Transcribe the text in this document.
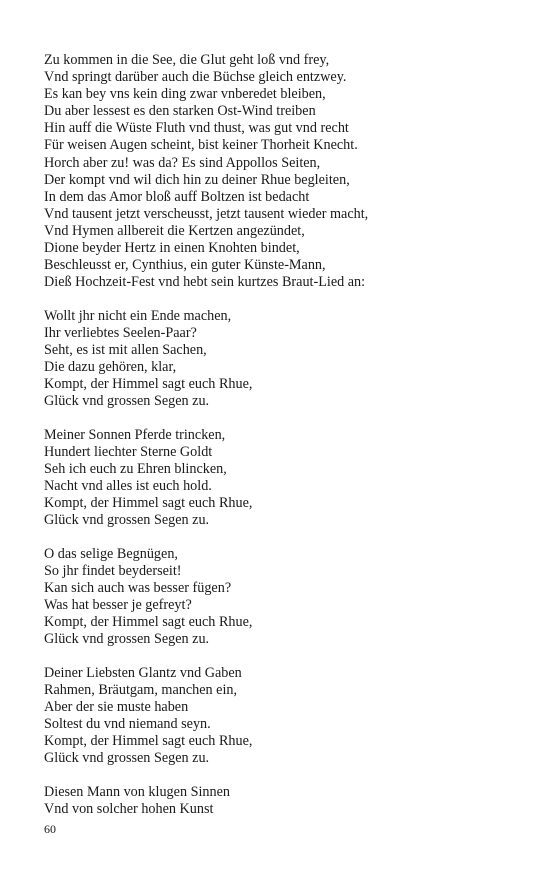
Zu kommen in die See, die Glut geht loß vnd frey,
Vnd springt darüber auch die Büchse gleich entzwey.
Es kan bey vns kein ding zwar vnberedet bleiben,
Du aber lessest es den starken Ost-Wind treiben
Hin auff die Wüste Fluth vnd thust, was gut vnd recht
Für weisen Augen scheint, bist keiner Thorheit Knecht.
Horch aber zu! was da? Es sind Appollos Seiten,
Der kompt vnd wil dich hin zu deiner Rhue begleiten,
In dem das Amor bloß auff Boltzen ist bedacht
Vnd tausent jetzt verscheusst, jetzt tausent wieder macht,
Vnd Hymen allbereit die Kertzen angezündet,
Dione beyder Hertz in einen Knohten bindet,
Beschleusst er, Cynthius, ein guter Künste-Mann,
Dieß Hochzeit-Fest vnd hebt sein kurtzes Braut-Lied an:
Wollt jhr nicht ein Ende machen,
Ihr verliebtes Seelen-Paar?
Seht, es ist mit allen Sachen,
Die dazu gehören, klar,
Kompt, der Himmel sagt euch Rhue,
Glück vnd grossen Segen zu.
Meiner Sonnen Pferde trincken,
Hundert liechter Sterne Goldt
Seh ich euch zu Ehren blincken,
Nacht vnd alles ist euch hold.
Kompt, der Himmel sagt euch Rhue,
Glück vnd grossen Segen zu.
O das selige Begnügen,
So jhr findet beyderseit!
Kan sich auch was besser fügen?
Was hat besser je gefreyt?
Kompt, der Himmel sagt euch Rhue,
Glück vnd grossen Segen zu.
Deiner Liebsten Glantz vnd Gaben
Rahmen, Bräutgam, manchen ein,
Aber der sie muste haben
Soltest du vnd niemand seyn.
Kompt, der Himmel sagt euch Rhue,
Glück vnd grossen Segen zu.
Diesen Mann von klugen Sinnen
Vnd von solcher hohen Kunst
60
